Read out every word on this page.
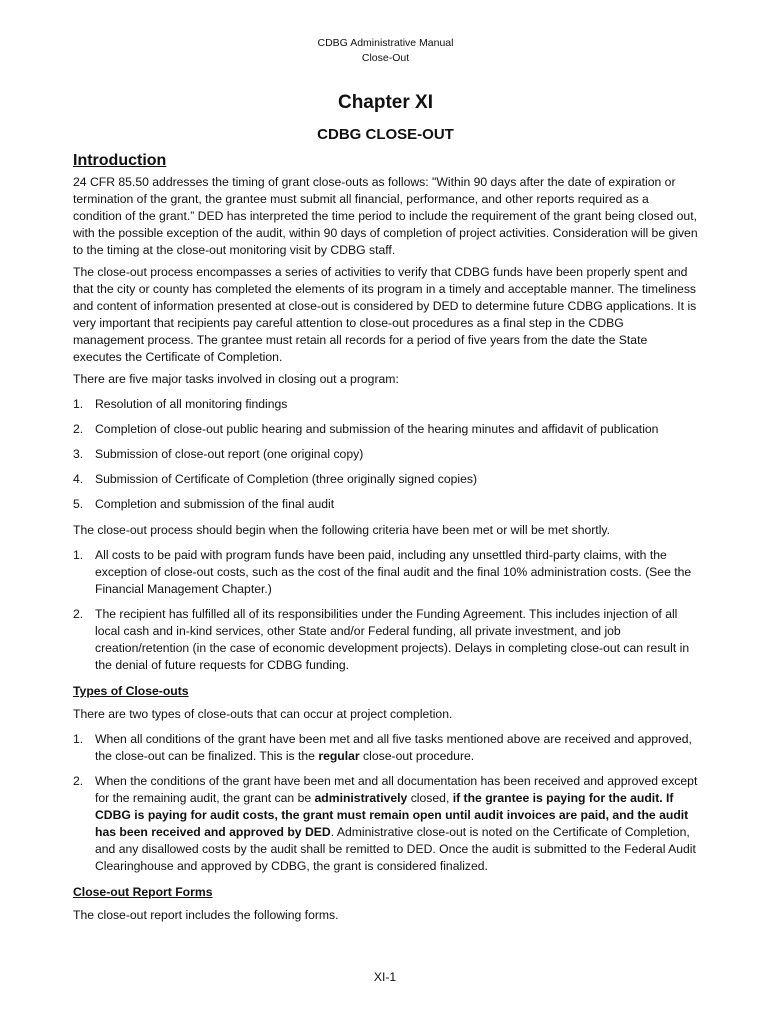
CDBG Administrative Manual
Close-Out
Chapter XI
CDBG CLOSE-OUT
Introduction

24 CFR 85.50 addresses the timing of grant close-outs as follows: "Within 90 days after the date of expiration or termination of the grant, the grantee must submit all financial, performance, and other reports required as a condition of the grant.” DED has interpreted the time period to include the requirement of the grant being closed out, with the possible exception of the audit, within 90 days of completion of project activities. Consideration will be given to the timing at the close-out monitoring visit by CDBG staff.

The close-out process encompasses a series of activities to verify that CDBG funds have been properly spent and that the city or county has completed the elements of its program in a timely and acceptable manner. The timeliness and content of information presented at close-out is considered by DED to determine future CDBG applications. It is very important that recipients pay careful attention to close-out procedures as a final step in the CDBG management process. The grantee must retain all records for a period of five years from the date the State executes the Certificate of Completion.

There are five major tasks involved in closing out a program:

1. Resolution of all monitoring findings
2. Completion of close-out public hearing and submission of the hearing minutes and affidavit of publication
3. Submission of close-out report (one original copy)
4. Submission of Certificate of Completion (three originally signed copies)
5. Completion and submission of the final audit

The close-out process should begin when the following criteria have been met or will be met shortly.

1. All costs to be paid with program funds have been paid, including any unsettled third-party claims, with the exception of close-out costs, such as the cost of the final audit and the final 10% administration costs. (See the Financial Management Chapter.)
2. The recipient has fulfilled all of its responsibilities under the Funding Agreement. This includes injection of all local cash and in-kind services, other State and/or Federal funding, all private investment, and job creation/retention (in the case of economic development projects). Delays in completing close-out can result in the denial of future requests for CDBG funding.
Types of Close-outs

There are two types of close-outs that can occur at project completion.

1. When all conditions of the grant have been met and all five tasks mentioned above are received and approved, the close-out can be finalized. This is the regular close-out procedure.
2. When the conditions of the grant have been met and all documentation has been received and approved except for the remaining audit, the grant can be administratively closed, if the grantee is paying for the audit. If CDBG is paying for audit costs, the grant must remain open until audit invoices are paid, and the audit has been received and approved by DED. Administrative close-out is noted on the Certificate of Completion, and any disallowed costs by the audit shall be remitted to DED. Once the audit is submitted to the Federal Audit Clearinghouse and approved by CDBG, the grant is considered finalized.
Close-out Report Forms

The close-out report includes the following forms.

XI-1
